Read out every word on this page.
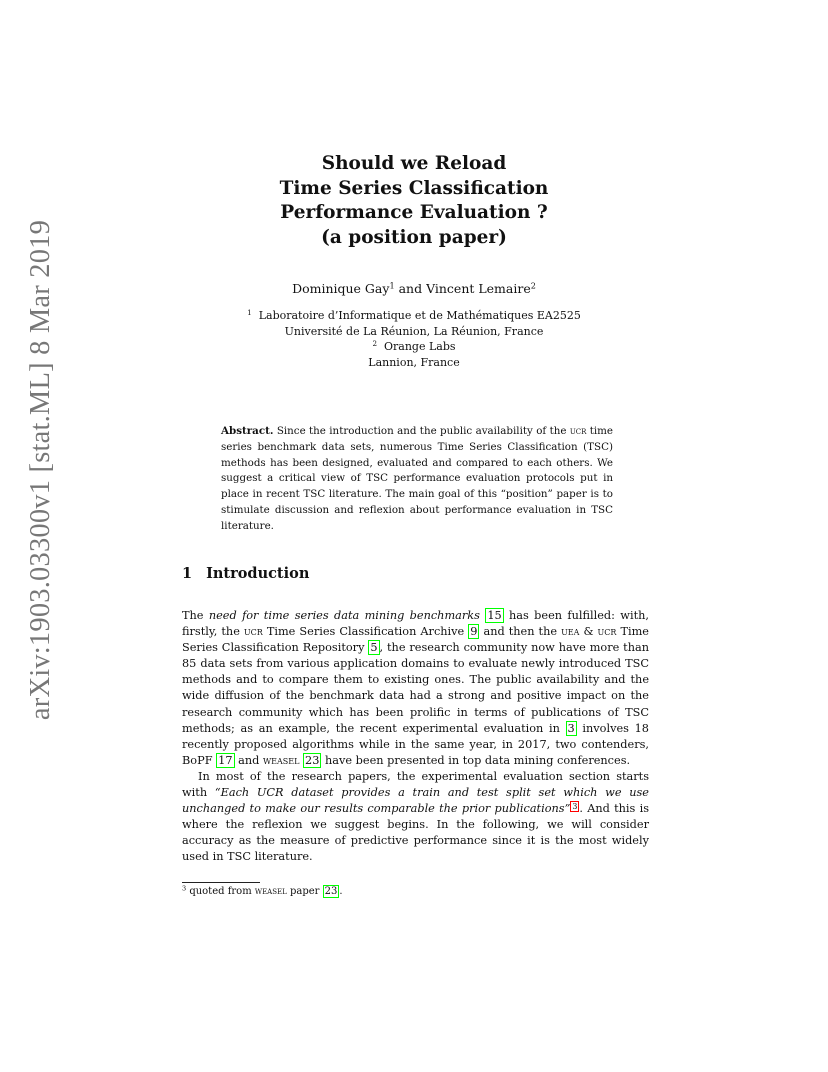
arXiv:1903.03300v1 [stat.ML] 8 Mar 2019
Should we Reload
Time Series Classification
Performance Evaluation ?
(a position paper)
Dominique Gay$^1$ and Vincent Lemaire$^2$
$^1$ Laboratoire d’Informatique et de Mathématiques EA2525
Université de La Réunion, La Réunion, France
$^2$ Orange Labs
Lannion, France
Abstract. Since the introduction and the public availability of the ucr time series benchmark data sets, numerous Time Series Classification (TSC) methods has been designed, evaluated and compared to each others. We suggest a critical view of TSC performance evaluation protocols put in place in recent TSC literature. The main goal of this “position” paper is to stimulate discussion and reflexion about performance evaluation in TSC literature.
1 Introduction

The need for time series data mining benchmarks 15 has been fulfilled: with, firstly, the ucr Time Series Classification Archive 9 and then the uea & ucr Time Series Classification Repository 5 , the research community now have more than 85 data sets from various application domains to evaluate newly introduced TSC methods and to compare them to existing ones. The public availability and the wide diffusion of the benchmark data had a strong and positive impact on the research community which has been prolific in terms of publications of TSC methods; as an example, the recent experimental evaluation in 3 involves 18 recently proposed algorithms while in the same year, in 2017, two contenders, BoPF 17 and weasel 23 have been presented in top data mining conferences.

In most of the research papers, the experimental evaluation section starts with “Each UCR dataset provides a train and test split set which we use unchanged to make our results comparable the prior publications” $^3$ . And this is where the reflexion we suggest begins. In the following, we will consider accuracy as the measure of predictive performance since it is the most widely used in TSC literature.

$^3$ quoted from weasel paper 23 .
